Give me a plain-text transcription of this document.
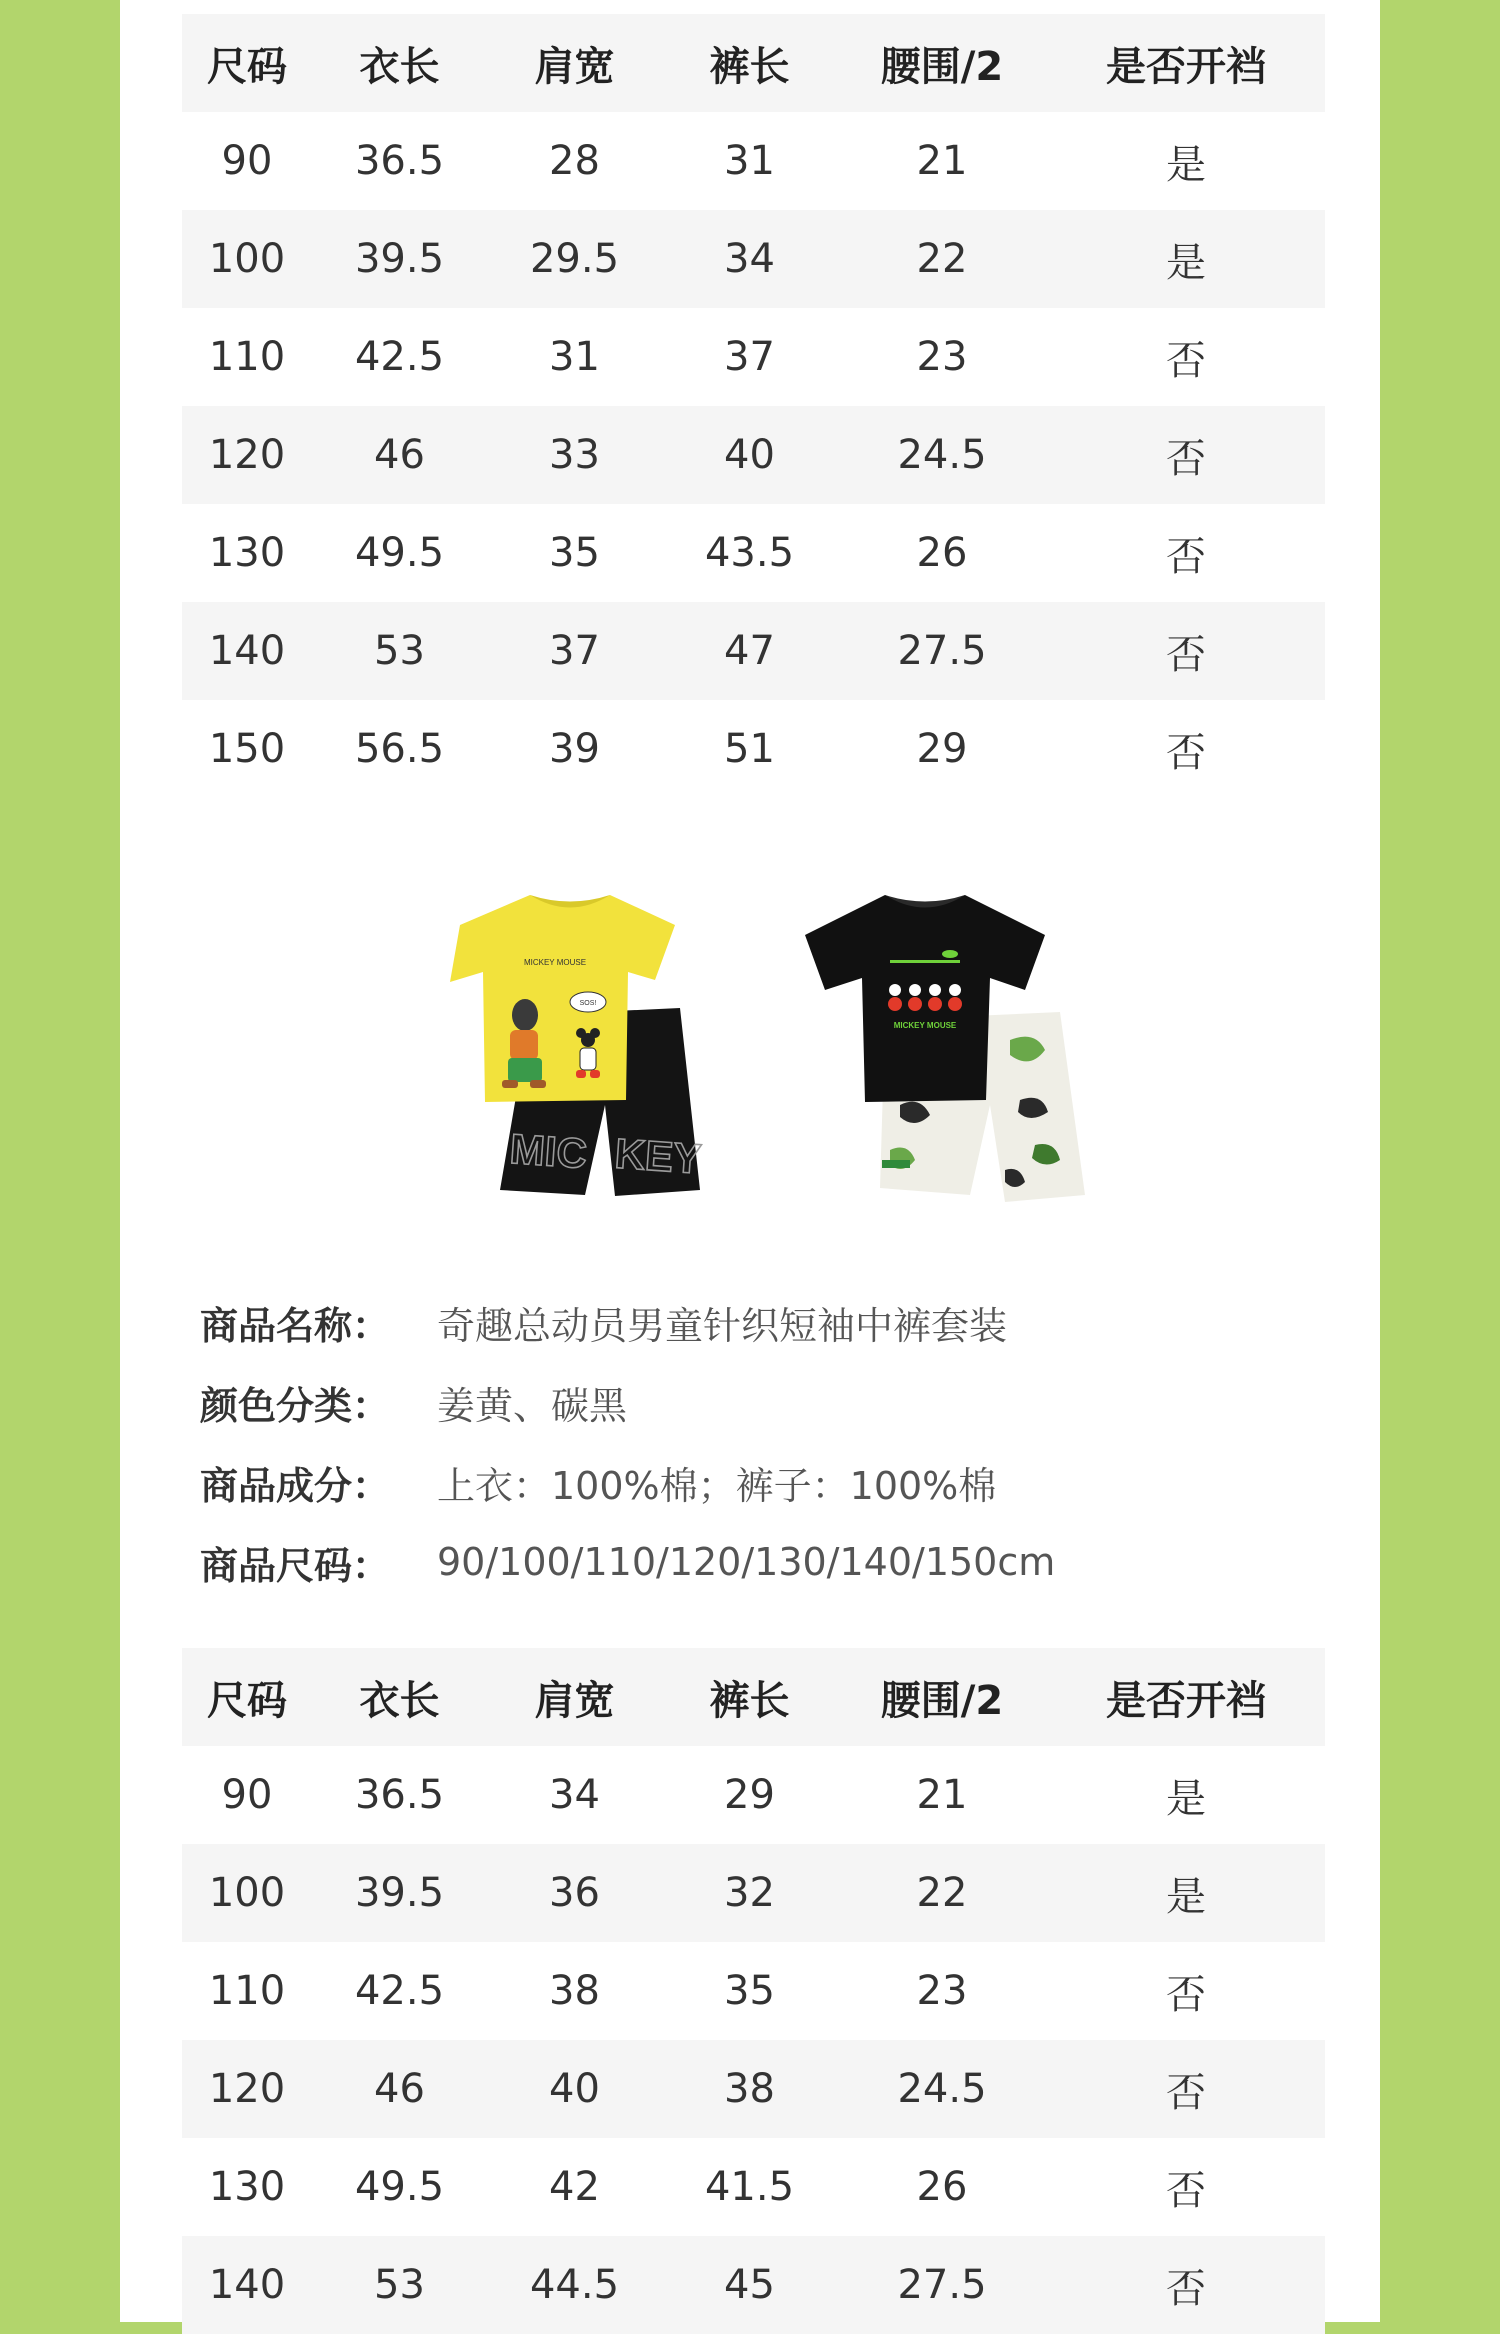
尺码	衣长	肩宽	裤长	腰围/2	是否开裆
90	36.5	28	31	21	是
100	39.5	29.5	34	22	是
110	42.5	31	37	23	否
120	46	33	40	24.5	否
130	49.5	35	43.5	26	否
140	53	37	47	27.5	否
150	56.5	39	51	29	否
MIC KEY
MICKEY MOUSE
SOS!
MICKEY MOUSE
商品名称：	奇趣总动员男童针织短袖中裤套装
颜色分类：	姜黄、碳黑
商品成分：	上衣：100%棉；裤子：100%棉
商品尺码：	90/100/110/120/130/140/150cm
尺码	衣长	肩宽	裤长	腰围/2	是否开裆
90	36.5	34	29	21	是
100	39.5	36	32	22	是
110	42.5	38	35	23	否
120	46	40	38	24.5	否
130	49.5	42	41.5	26	否
140	53	44.5	45	27.5	否
